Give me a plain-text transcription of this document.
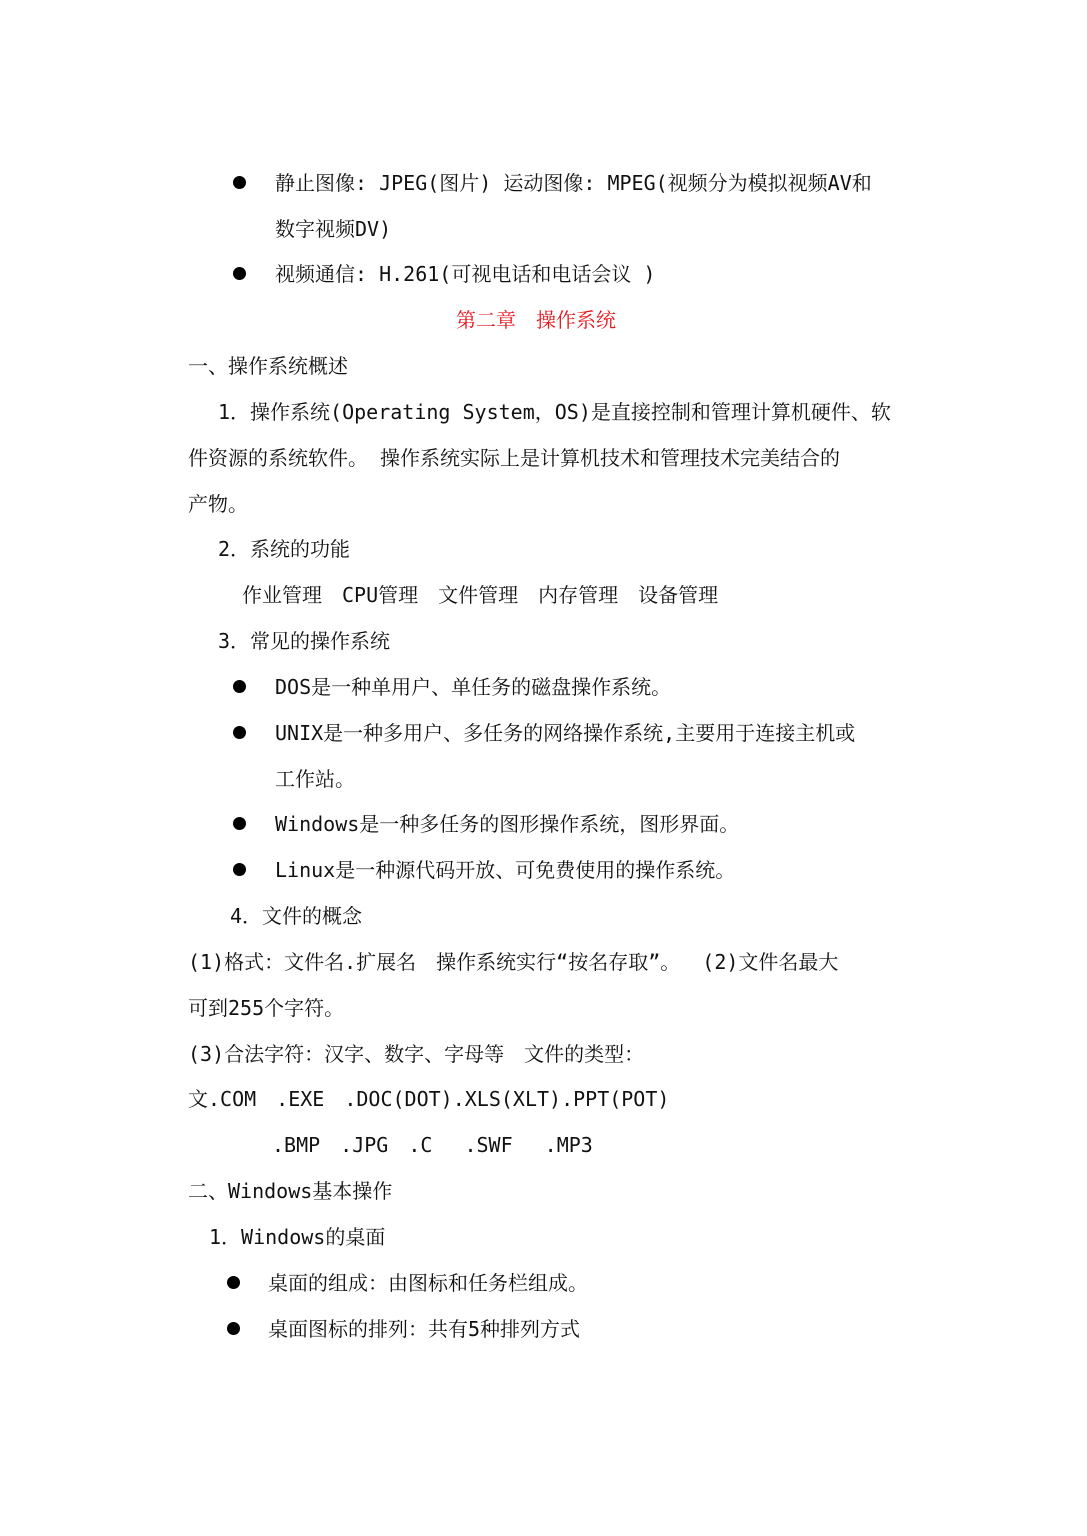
静止图像: JPEG(图片) 运动图像: MPEG(视频分为模拟视频AV和
数字视频DV)
视频通信: H.261(可视电话和电话会议 )
第二章　操作系统
一、操作系统概述
1．操作系统(Operating System，OS)是直接控制和管理计算机硬件、软
件资源的系统软件。 操作系统实际上是计算机技术和管理技术完美结合的
产物。
2．系统的功能
作业管理　CPU管理　文件管理　内存管理　设备管理
3．常见的操作系统
DOS是一种单用户、单任务的磁盘操作系统。
UNIX是一种多用户、多任务的网络操作系统,主要用于连接主机或
工作站。
Windows是一种多任务的图形操作系统，图形界面。
Linux是一种源代码开放、可免费使用的操作系统。
4．文件的概念
(1)格式：文件名.扩展名　操作系统实行“按名存取”。　 (2)文件名最大
可到255个字符。
(3)合法字符：汉字、数字、字母等　文件的类型：
文.COM　.EXE　.DOC(DOT).XLS(XLT).PPT(POT)
.BMP　.JPG　.C　 .SWF　 .MP3
二、Windows基本操作
1．Windows的桌面
桌面的组成：由图标和任务栏组成。
桌面图标的排列：共有5种排列方式
